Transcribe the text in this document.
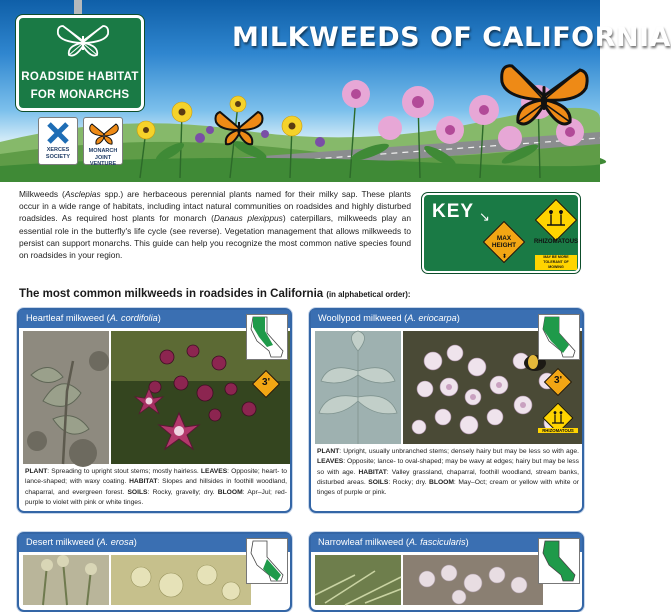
MILKWEEDS OF CALIFORNIA
ROADSIDE HABITAT
FOR MONARCHS
XERCES
SOCIETY
MONARCH
JOINT VENTURE

Milkweeds (Asclepias spp.) are herbaceous perennial plants named for their milky sap. These plants occur in a wide range of habitats, including intact natural communities on roadsides and highly disturbed roadsides. As required host plants for monarch (Danaus plexippus) caterpillars, milkweeds play an essential role in the butterfly's life cycle (see reverse). Vegetation management that allows milkweeds to persist can support monarchs. This guide can help you recognize the most common native species found on roadsides in your region.

KEY ↘
MAX
HEIGHT
⬍
RHIZOMATOUS
MAY BE MORE TOLERANT OF MOWING
The most common milkweeds in roadsides in California (in alphabetical order):
Heartleaf milkweed (A. cordifolia)
3'

PLANT: Spreading to upright stout stems; mostly hairless. LEAVES: Opposite; heart- to lance-shaped; with waxy coating. HABITAT: Slopes and hillsides in foothill woodland, chaparral, and evergreen forest. SOILS: Rocky, gravelly; dry. BLOOM: Apr–Jul; red-purple to violet with pink or white tinges.

Woollypod milkweed (A. eriocarpa)
3'
RHIZOMATOUS

PLANT: Upright, usually unbranched stems; densely hairy but may be less so with age. LEAVES: Opposite; lance- to oval-shaped; may be wavy at edges; hairy but may be less so with age. HABITAT: Valley grassland, chaparral, foothill woodland, stream banks, disturbed areas. SOILS: Rocky; dry. BLOOM: May–Oct; cream or yellow with white or tinges of purple or pink.

Desert milkweed (A. erosa)	Narrowleaf milkweed (A. fascicularis)
